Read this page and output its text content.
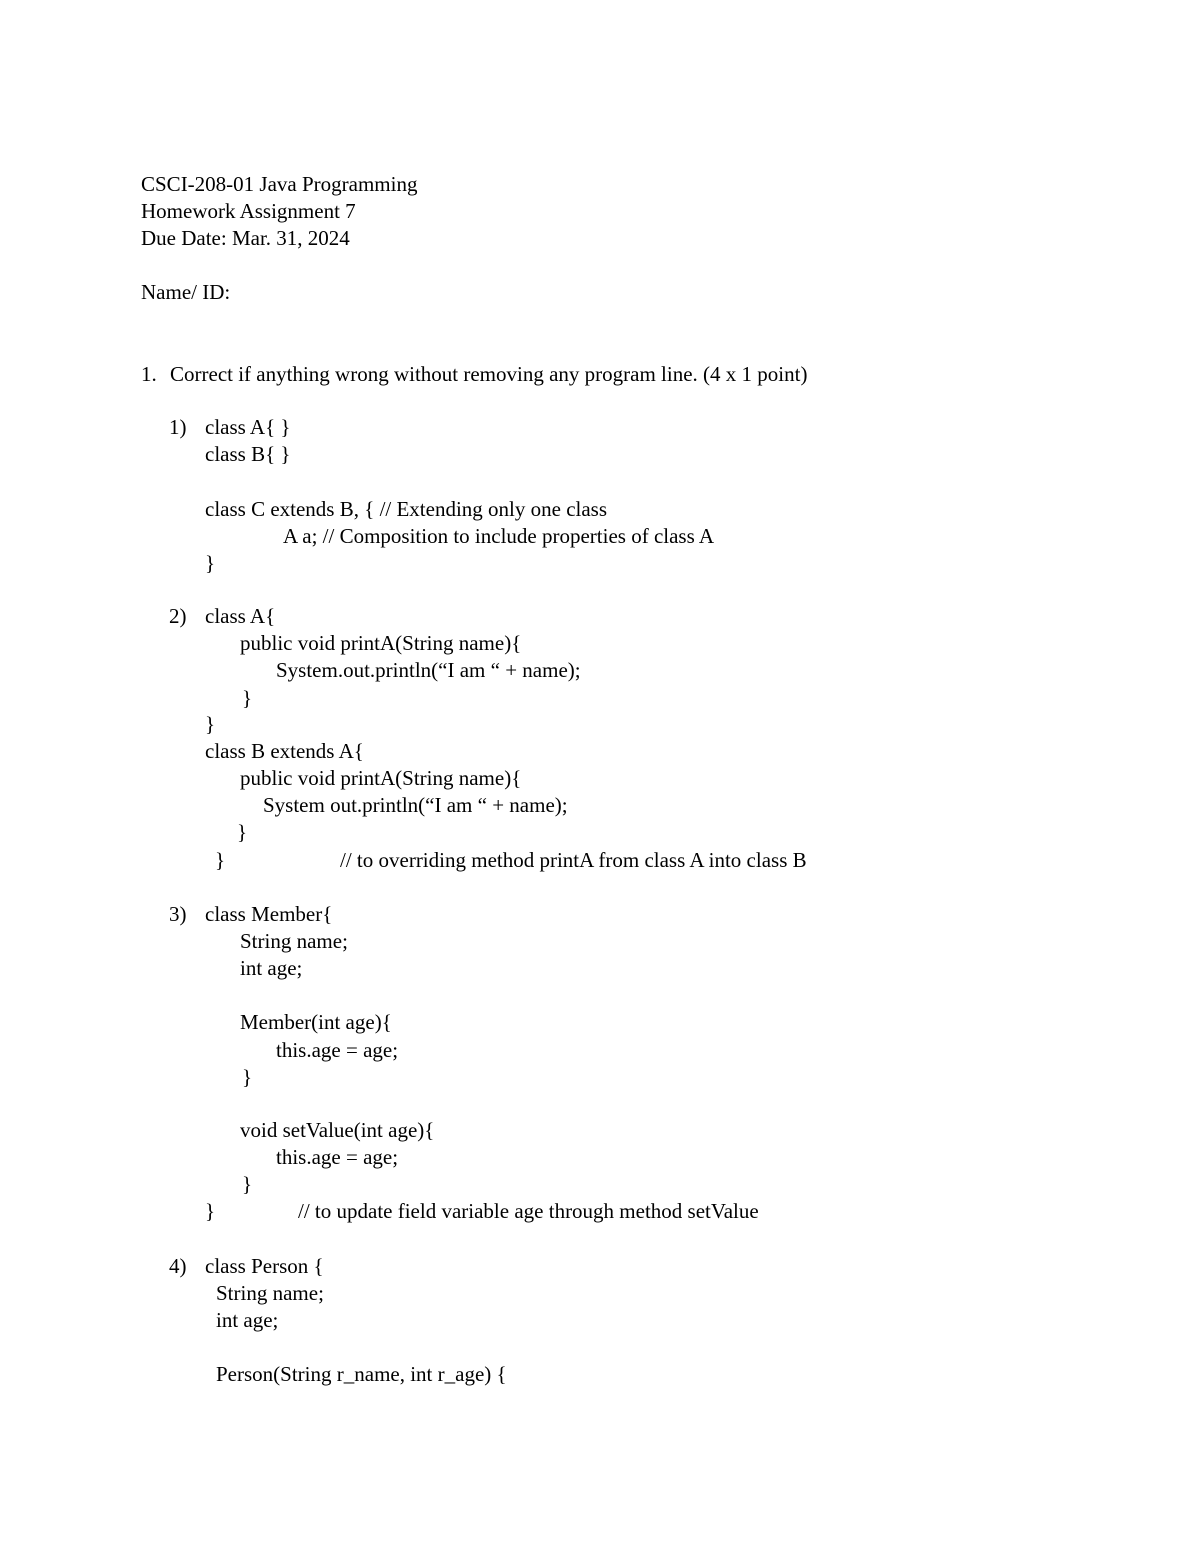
CSCI-208-01 Java Programming
Homework Assignment 7
Due Date: Mar. 31, 2024
Name/ ID:
1. Correct if anything wrong without removing any program line. (4 x 1 point)
1) class A{ }
class B{ }
class C extends B, { // Extending only one class
A a; // Composition to include properties of class A
}
2) class A{
public void printA(String name){
System.out.println(“I am “ + name);
}
}
class B extends A{
public void printA(String name){
System out.println(“I am “ + name);
}
}	// to overriding method printA from class A into class B
3) class Member{
String name;
int age;
Member(int age){
this.age = age;
}
void setValue(int age){
this.age = age;
}
}	// to update field variable age through method setValue
4) class Person {
String name;
int age;
Person(String r_name, int r_age) {
